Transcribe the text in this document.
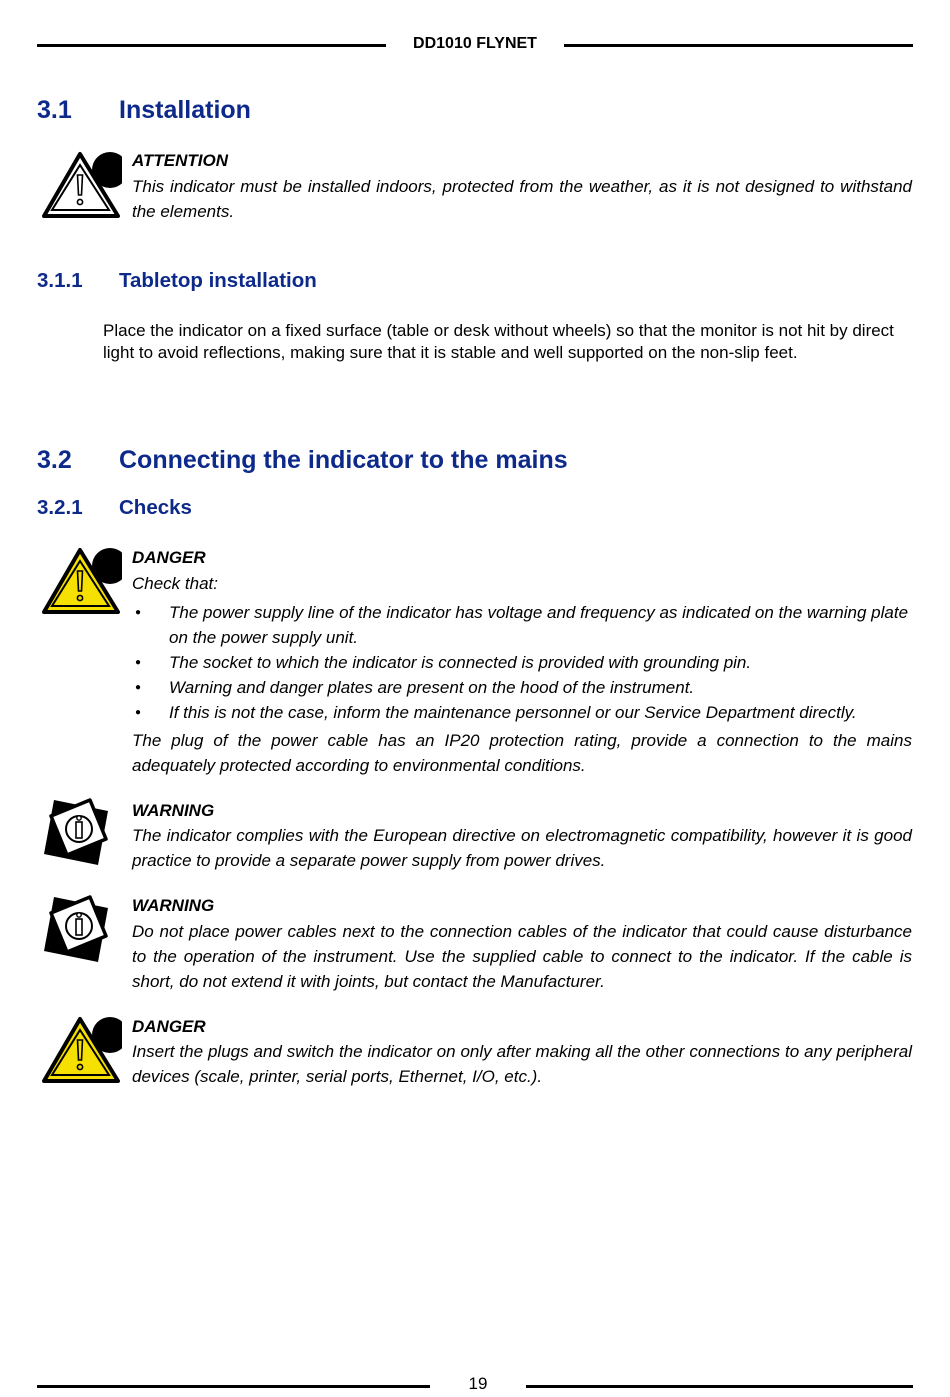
DD1010 FLYNET
3.1 Installation
ATTENTION
This indicator must be installed indoors, protected from the weather, as it is not designed to withstand the elements.
3.1.1 Tabletop installation
Place the indicator on a fixed surface (table or desk without wheels) so that the monitor is not hit by direct light to avoid reflections, making sure that it is stable and well supported on the non-slip feet.
3.2 Connecting the indicator to the mains
3.2.1 Checks
DANGER
Check that:
● The power supply line of the indicator has voltage and frequency as indicated on the warning plate on the power supply unit.
● The socket to which the indicator is connected is provided with grounding pin.
● Warning and danger plates are present on the hood of the instrument.
● If this is not the case, inform the maintenance personnel or our Service Department directly.
The plug of the power cable has an IP20 protection rating, provide a connection to the mains adequately protected according to environmental conditions.
WARNING
The indicator complies with the European directive on electromagnetic compatibility, however it is good practice to provide a separate power supply from power drives.
WARNING
Do not place power cables next to the connection cables of the indicator that could cause disturbance to the operation of the instrument. Use the supplied cable to connect to the indicator. If the cable is short, do not extend it with joints, but contact the Manufacturer.
DANGER
Insert the plugs and switch the indicator on only after making all the other connections to any peripheral devices (scale, printer, serial ports, Ethernet, I/O, etc.).
19
